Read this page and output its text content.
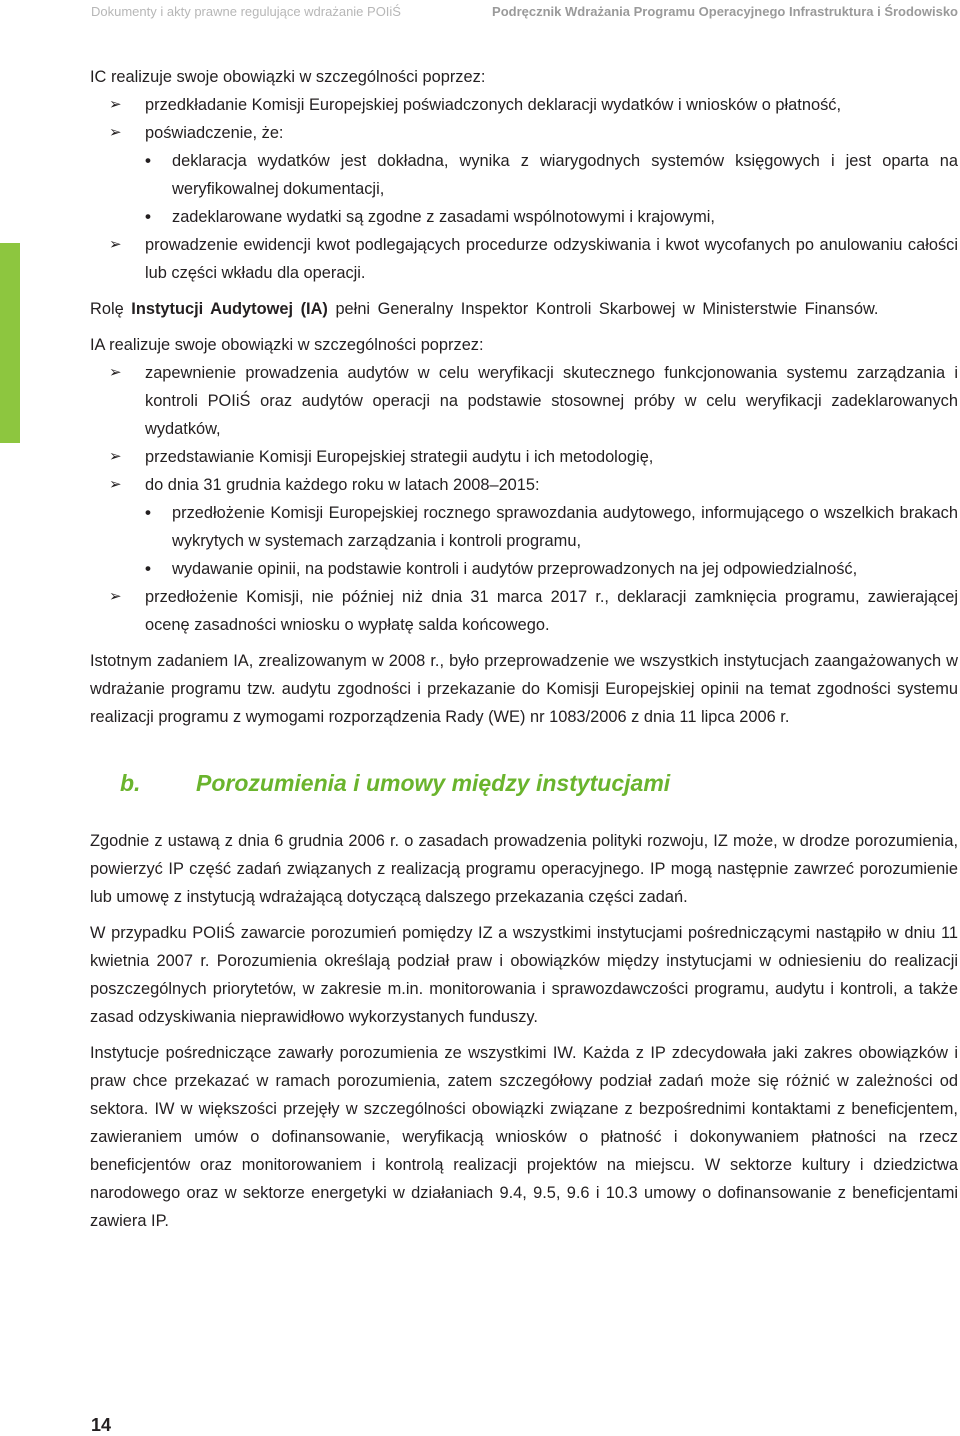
Dokumenty i akty prawne regulujące wdrażanie POIiŚ	Podręcznik Wdrażania Programu Operacyjnego Infrastruktura i Środowisko

IC realizuje swoje obowiązki w szczególności poprzez:

➢ przedkładanie Komisji Europejskiej poświadczonych deklaracji wydatków i wniosków o płatność,
➢ poświadczenie, że:
• deklaracja wydatków jest dokładna, wynika z wiarygodnych systemów księgowych i jest oparta na weryfikowalnej dokumentacji,
• zadeklarowane wydatki są zgodne z zasadami wspólnotowymi i krajowymi,
➢ prowadzenie ewidencji kwot podlegających procedurze odzyskiwania i kwot wycofanych po anulowaniu całości lub części wkładu dla operacji.

Rolę Instytucji Audytowej (IA) pełni Generalny Inspektor Kontroli Skarbowej w Ministerstwie Finansów.

IA realizuje swoje obowiązki w szczególności poprzez:

➢ zapewnienie prowadzenia audytów w celu weryfikacji skutecznego funkcjonowania systemu zarządzania i kontroli POIiŚ oraz audytów operacji na podstawie stosownej próby w celu weryfikacji zadeklarowanych wydatków,
➢ przedstawianie Komisji Europejskiej strategii audytu i ich metodologię,
➢ do dnia 31 grudnia każdego roku w latach 2008–2015:
• przedłożenie Komisji Europejskiej rocznego sprawozdania audytowego, informującego o wszelkich brakach wykrytych w systemach zarządzania i kontroli programu,
• wydawanie opinii, na podstawie kontroli i audytów przeprowadzonych na jej odpowiedzialność,
➢ przedłożenie Komisji, nie później niż dnia 31 marca 2017 r., deklaracji zamknięcia programu, zawierającej ocenę zasadności wniosku o wypłatę salda końcowego.

Istotnym zadaniem IA, zrealizowanym w 2008 r., było przeprowadzenie we wszystkich instytucjach zaangażowanych w wdrażanie programu tzw. audytu zgodności i przekazanie do Komisji Europejskiej opinii na temat zgodności systemu realizacji programu z wymogami rozporządzenia Rady (WE) nr 1083/2006 z dnia 11 lipca 2006 r.

b.	Porozumienia i umowy między instytucjami

Zgodnie z ustawą z dnia 6 grudnia 2006 r. o zasadach prowadzenia polityki rozwoju, IZ może, w drodze porozumienia, powierzyć IP część zadań związanych z realizacją programu operacyjnego. IP mogą następnie zawrzeć porozumienie lub umowę z instytucją wdrażającą dotyczącą dalszego przekazania części zadań.

W przypadku POIiŚ zawarcie porozumień pomiędzy IZ a wszystkimi instytucjami pośredniczącymi nastąpiło w dniu 11 kwietnia 2007 r. Porozumienia określają podział praw i obowiązków między instytucjami w odniesieniu do realizacji poszczególnych priorytetów, w zakresie m.in. monitorowania i sprawozdawczości programu, audytu i kontroli, a także zasad odzyskiwania nieprawidłowo wykorzystanych funduszy.

Instytucje pośredniczące zawarły porozumienia ze wszystkimi IW. Każda z IP zdecydowała jaki zakres obowiązków i praw chce przekazać w ramach porozumienia, zatem szczegółowy podział zadań może się różnić w zależności od sektora. IW w większości przejęły w szczególności obowiązki związane z bezpośrednimi kontaktami z beneficjentem, zawieraniem umów o dofinansowanie, weryfikacją wniosków o płatność i dokonywaniem płatności na rzecz beneficjentów oraz monitorowaniem i kontrolą realizacji projektów na miejscu. W sektorze kultury i dziedzictwa narodowego oraz w sektorze energetyki w działaniach 9.4, 9.5, 9.6 i 10.3 umowy o dofinansowanie z beneficjentami zawiera IP.

14
